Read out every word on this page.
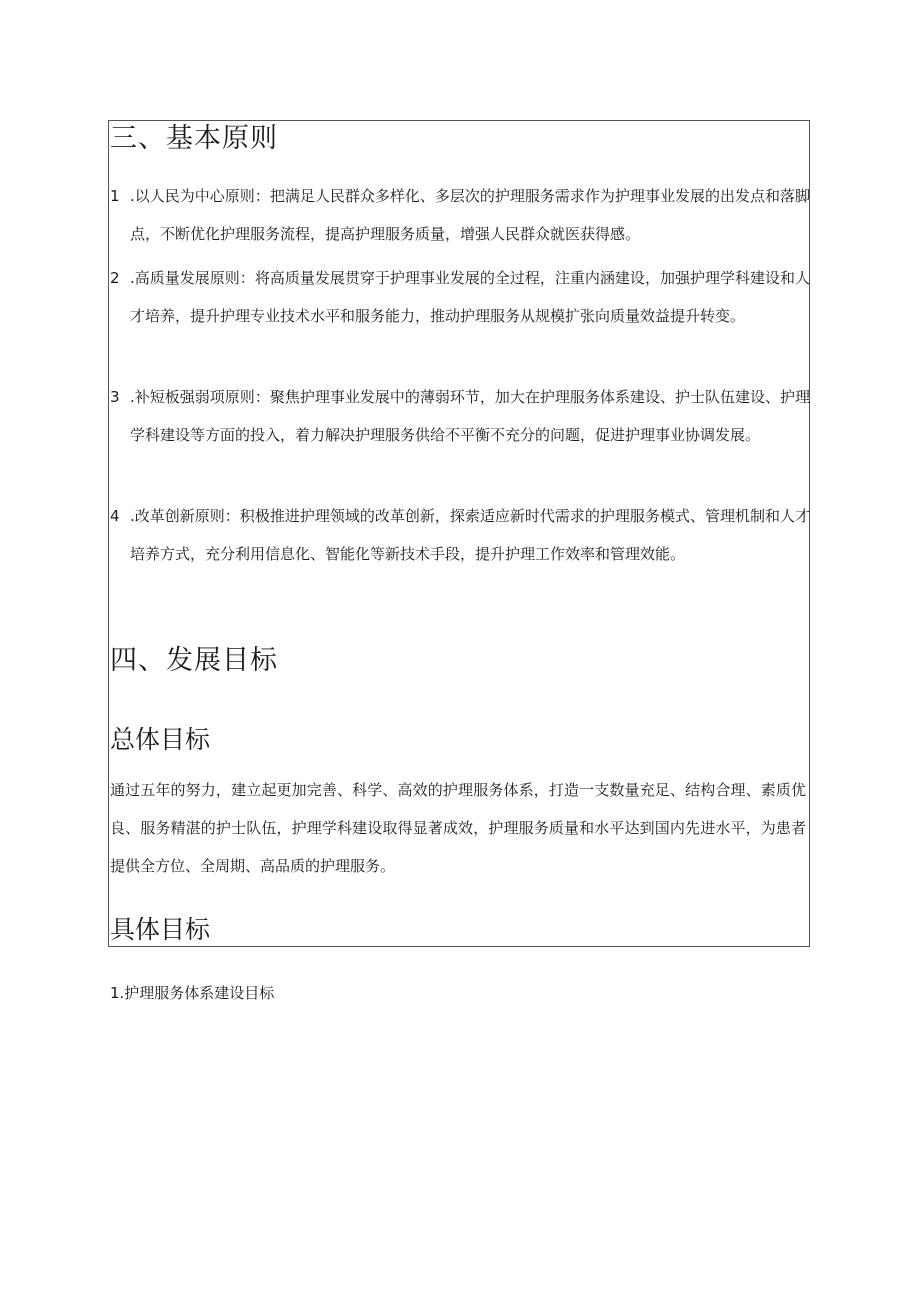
三、基本原则
1 .以人民为中心原则：把满足人民群众多样化、多层次的护理服务需求作为护理事业发展的出发点和落脚点，不断优化护理服务流程，提高护理服务质量，增强人民群众就医获得感。
2 .高质量发展原则：将高质量发展贯穿于护理事业发展的全过程，注重内涵建设，加强护理学科建设和人才培养，提升护理专业技术水平和服务能力，推动护理服务从规模扩张向质量效益提升转变。
3 .补短板强弱项原则：聚焦护理事业发展中的薄弱环节，加大在护理服务体系建设、护士队伍建设、护理学科建设等方面的投入，着力解决护理服务供给不平衡不充分的问题，促进护理事业协调发展。
4 .改革创新原则：积极推进护理领域的改革创新，探索适应新时代需求的护理服务模式、管理机制和人才培养方式，充分利用信息化、智能化等新技术手段，提升护理工作效率和管理效能。
四、发展目标
总体目标

通过五年的努力，建立起更加完善、科学、高效的护理服务体系，打造一支数量充足、结构合理、素质优良、服务精湛的护士队伍，护理学科建设取得显著成效，护理服务质量和水平达到国内先进水平，为患者提供全方位、全周期、高品质的护理服务。

具体目标

1.护理服务体系建设目标
